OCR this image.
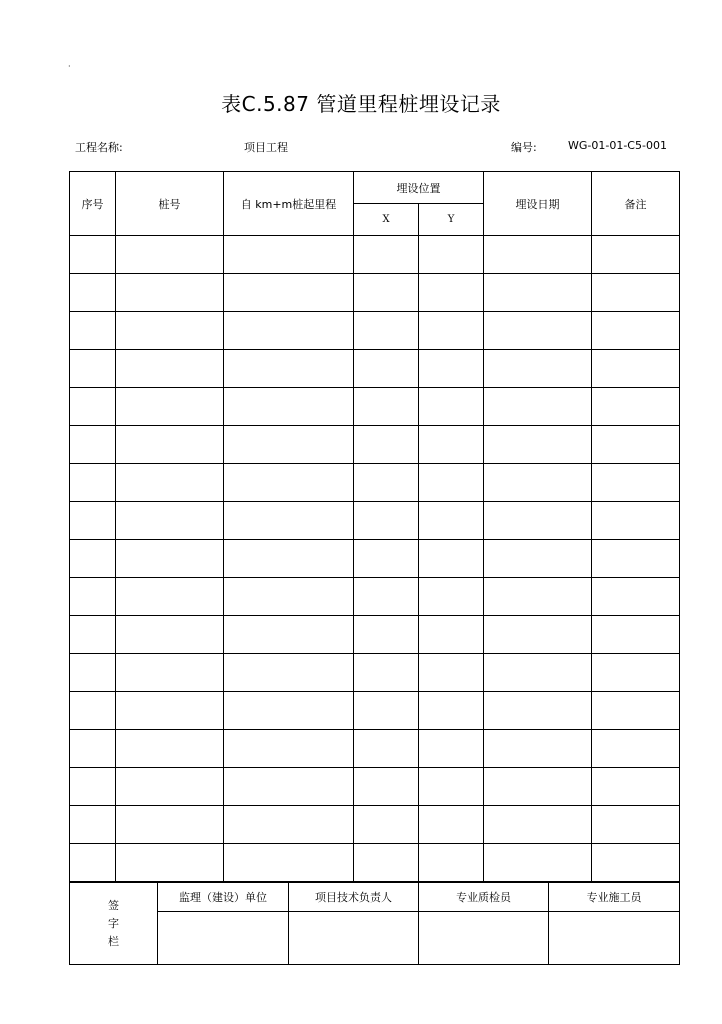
·
表C.5.87 管道里程桩埋设记录
工程名称:	项目工程	编号:	WG-01-01-C5-001
序号	桩号	自 km+m桩起里程	埋设位置		埋设日期	备注
			X	Y		

签
字
栏	监理（建设）单位	项目技术负责人	专业质检员	专业施工员
